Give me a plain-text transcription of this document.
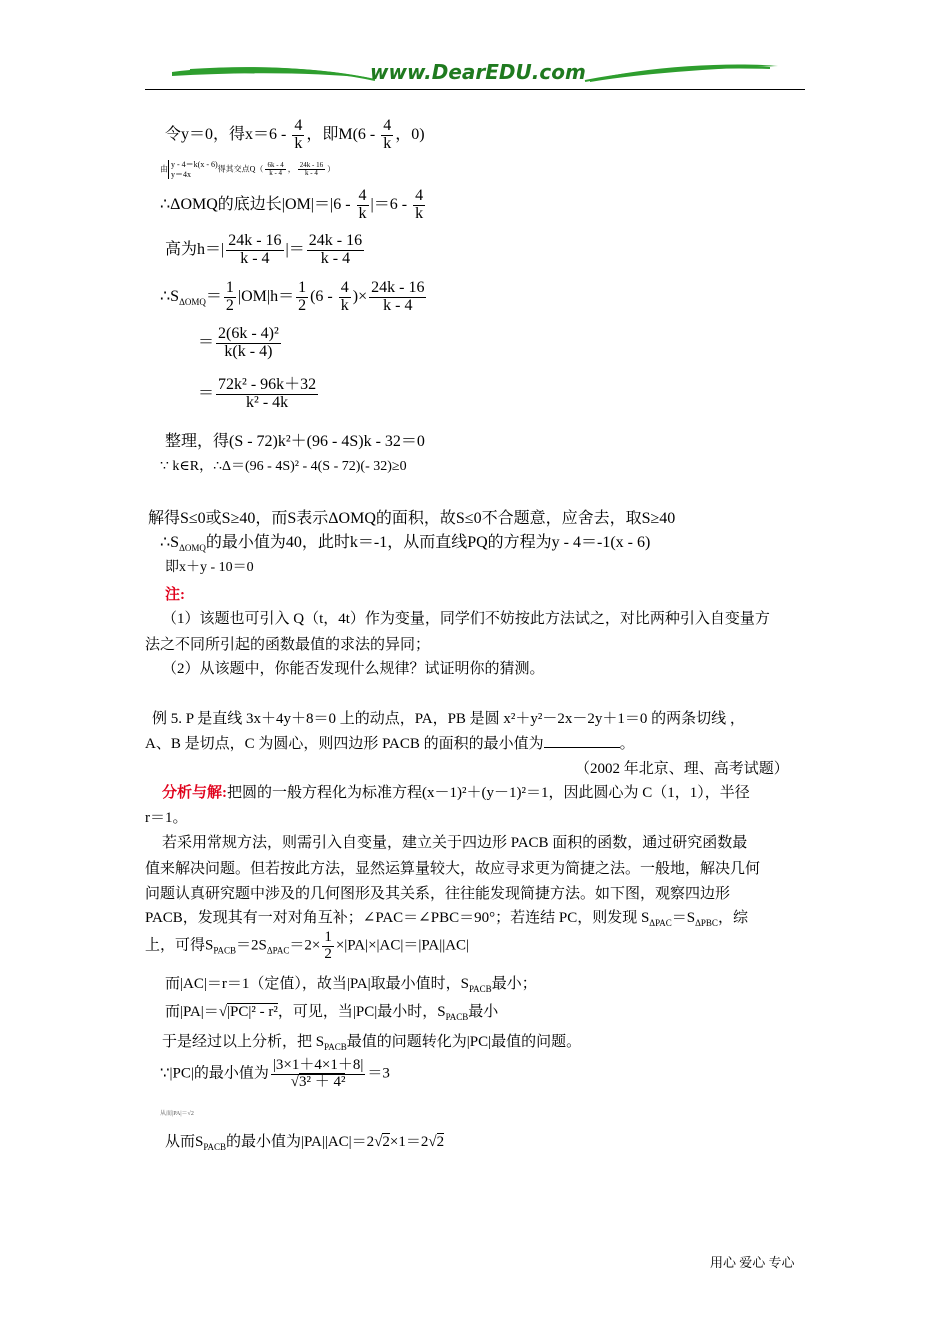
www.DearEDU.com
令y＝0，得$x=6 - \frac{4}{k}$ ，即$M(6 - \frac{4}{k}$ ，0)
由 y - 4＝k(x - 6)
y＝4x
得其交点$Q( \frac{6k - 4}{k - 4}$ ， $\frac{24k - 16}{k - 4}$ ）
∴ΔOMQ的底边长$|OM|=|6 - \frac{4}{k} |=6 - \frac{4}{k}$
高为$h=| \frac{24k - 16}{k - 4}$ |＝ $\frac{24k - 16}{k - 4}$
$\therefore S_{\Delta OMQ}= \frac{1}{2} |OM|h= \frac{1}{2} (6 - \frac{4}{k}$ )× $\frac{24k - 16}{k - 4}$
＝ $\frac{\text{2(6k - 4)²}}{k(k - 4)}$
＝ $\frac{\text{72k² - 96k＋32}}{\text{k² - 4k}}$
整理，得(S - 72)k²＋(96 - 4S)k - 32＝0
∵ k∈R，∴Δ＝(96 - 4S)² - 4(S - 72)(- 32)≥0
解得S≤0或S≥40，而S表示ΔOMQ的面积，故S≤0不合题意，应舍去，取S≥40
$\therefore S_{\Delta OMQ}$的最小值为40，此时k＝-1，从而直线PQ的方程为y - 4＝-1(x - 6)
即x＋y - 10＝0
注:
（1）该题也可引入 Q（t，4t）作为变量，同学们不妨按此方法试之，对比两种引入自变量方
法之不同所引起的函数最值的求法的异同；
（2）从该题中，你能否发现什么规律？试证明你的猜测。
例 5. P 是直线 3x＋4y＋8＝0 上的动点，PA，PB 是圆 x²＋y²－2x－2y＋1＝0 的两条切线 ，
A、B 是切点，C 为圆心，则四边形 PACB 的面积的最小值为	。
（2002 年北京、理、高考试题）
分析与解:把圆的一般方程化为标准方程(x－1)²＋(y－1)²＝1，因此圆心为 C（1，1），半径
r＝1。
若采用常规方法，则需引入自变量，建立关于四边形 PACB 面积的函数，通过研究函数最
值来解决问题。但若按此方法，显然运算量较大，故应寻求更为简捷之法。一般地，解决几何
问题认真研究题中涉及的几何图形及其关系，往往能发现简捷方法。如下图，观察四边形
PACB，发现其有一对对角互补；∠PAC＝∠PBC＝90°；若连结 PC，则发现 $S_{\Delta PAC}=S_{\Delta PBC}$，综
上，可得$S_{PACB}=2S_{\Delta PAC}=2\times \frac{1}{2} \times|PA|\times|AC|=|PA||AC|$
而|AC|＝r＝1（定值），故当|PA|取最小值时，$S_{PACB}$最小；
而|PA|＝√|PC|² - r²，可见，当|PC|最小时，$S_{PACB}$最小
于是经过以上分析，把 $S_{PACB}$最值的问题转化为|PC|最值的问题。
∵|PC|的最小值为 $\frac{|3\times 1+4\times 1+8|}{\text{√3² ＋ 4²}} =3$
从而|PA|＝√2
从而$S_{PACB}$的最小值为|PA||AC|＝2√2×1＝2√2
用心 爱心 专心
